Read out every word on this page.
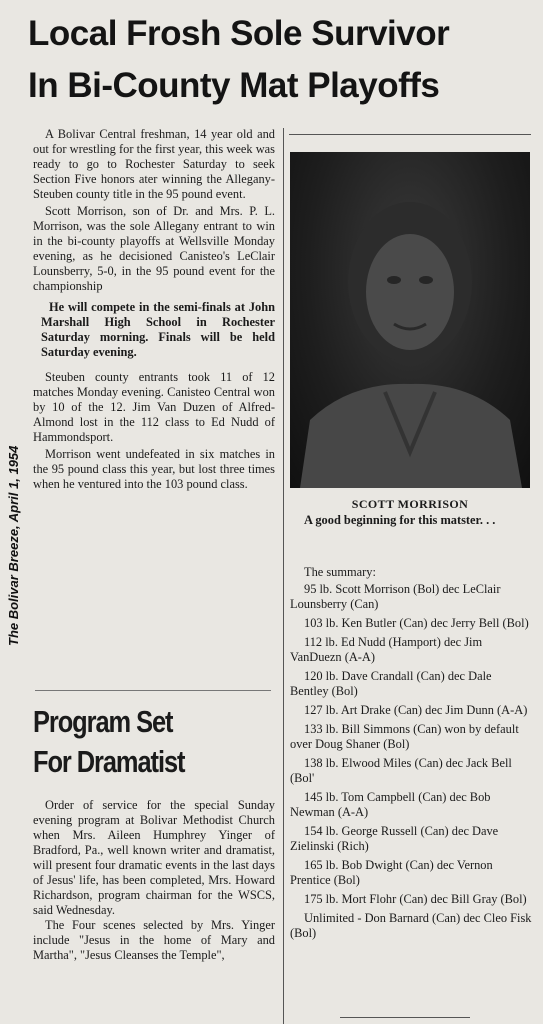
Local Frosh Sole Survivor
In Bi-County Mat Playoffs
The Bolivar Breeze, April 1, 1954

A Bolivar Central freshman, 14 year old and out for wrestling for the first year, this week was ready to go to Rochester Saturday to seek Section Five honors ater winning the Allegany-Steuben county title in the 95 pound event.

Scott Morrison, son of Dr. and Mrs. P. L. Morrison, was the sole Allegany entrant to win in the bi-county playoffs at Wellsville Monday evening, as he decisioned Canisteo's LeClair Lounsberry, 5-0, in the 95 pound event for the championship

He will compete in the semi-finals at John Marshall High School in Rochester Saturday morning. Finals will be held Saturday evening.

Steuben county entrants took 11 of 12 matches Monday evening. Canisteo Central won by 10 of the 12. Jim Van Duzen of Alfred-Almond lost in the 112 class to Ed Nudd of Hammondsport.

Morrison went undefeated in six matches in the 95 pound class this year, but lost three times when he ventured into the 103 pound class.

SCOTT MORRISON
A good beginning for this matster. . .
The summary:
95 lb. Scott Morrison (Bol) dec LeClair Lounsberry (Can)
103 lb. Ken Butler (Can) dec Jerry Bell (Bol)
112 lb. Ed Nudd (Hamport) dec Jim VanDuezn (A-A)
120 lb. Dave Crandall (Can) dec Dale Bentley (Bol)
127 lb. Art Drake (Can) dec Jim Dunn (A-A)
133 lb. Bill Simmons (Can) won by default over Doug Shaner (Bol)
138 lb. Elwood Miles (Can) dec Jack Bell (Bol'
145 lb. Tom Campbell (Can) dec Bob Newman (A-A)
154 lb. George Russell (Can) dec Dave Zielinski (Rich)
165 lb. Bob Dwight (Can) dec Vernon Prentice (Bol)
175 lb. Mort Flohr (Can) dec Bill Gray (Bol)
Unlimited - Don Barnard (Can) dec Cleo Fisk (Bol)
Program Set
For Dramatist

Order of service for the special Sunday evening program at Bolivar Methodist Church when Mrs. Aileen Humphrey Yinger of Bradford, Pa., well known writer and dramatist, will present four dramatic events in the last days of Jesus' life, has been completed, Mrs. Howard Richardson, program chairman for the WSCS, said Wednesday.

The Four scenes selected by Mrs. Yinger include "Jesus in the home of Mary and Martha", "Jesus Cleanses the Temple",
